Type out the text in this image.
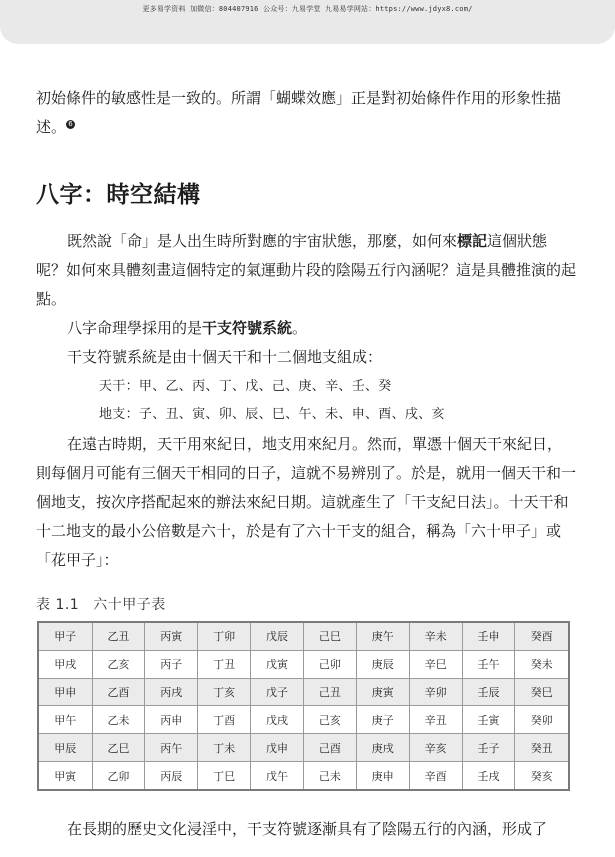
更多易学资料 加微信：804407916 公众号：九易学堂 九易易学网站：https://www.jdyx8.com/

初始條件的敏感性是一致的。所謂「蝴蝶效應」正是對初始條件作用的形象性描述。 6

八字：時空結構

既然說「命」是人出生時所對應的宇宙狀態，那麼，如何來標記這個狀態呢？如何來具體刻畫這個特定的氣運動片段的陰陽五行內涵呢？這是具體推演的起點。

八字命理學採用的是干支符號系統。

干支符號系統是由十個天干和十二個地支組成：

天干：甲、乙、丙、丁、戊、己、庚、辛、壬、癸
地支：子、丑、寅、卯、辰、巳、午、未、申、酉、戌、亥

在遠古時期，天干用來紀日，地支用來紀月。然而，單憑十個天干來紀日，則每個月可能有三個天干相同的日子，這就不易辨別了。於是，就用一個天干和一個地支，按次序搭配起來的辦法來紀日期。這就產生了「干支紀日法」。十天干和十二地支的最小公倍數是六十，於是有了六十干支的組合，稱為「六十甲子」或「花甲子」：

表 1.1 六十甲子表
甲子	乙丑	丙寅	丁卯	戊辰	己巳	庚午	辛未	壬申	癸酉
甲戌	乙亥	丙子	丁丑	戊寅	己卯	庚辰	辛巳	壬午	癸未
甲申	乙酉	丙戌	丁亥	戊子	己丑	庚寅	辛卯	壬辰	癸巳
甲午	乙未	丙申	丁酉	戊戌	己亥	庚子	辛丑	壬寅	癸卯
甲辰	乙巳	丙午	丁未	戊申	己酉	庚戌	辛亥	壬子	癸丑
甲寅	乙卯	丙辰	丁巳	戊午	己未	庚申	辛酉	壬戌	癸亥

在長期的歷史文化浸淫中，干支符號逐漸具有了陰陽五行的內涵，形成了
